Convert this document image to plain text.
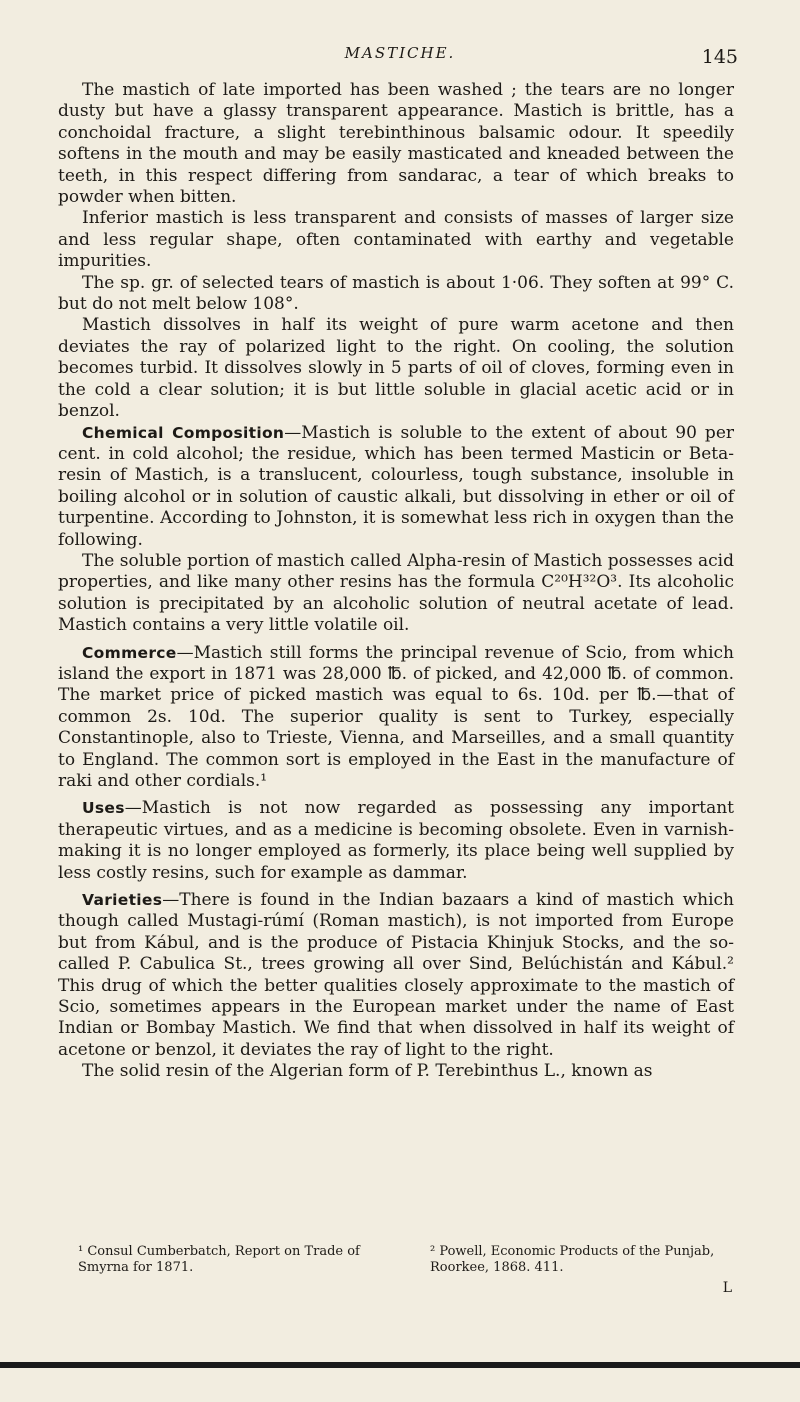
MASTICHE.	145

The mastich of late imported has been washed ; the tears are no longer dusty but have a glassy transparent appearance. Mastich is brittle, has a conchoidal fracture, a slight terebinthinous balsamic odour. It speedily softens in the mouth and may be easily masticated and kneaded between the teeth, in this respect differing from sandarac, a tear of which breaks to powder when bitten.

Inferior mastich is less transparent and consists of masses of larger size and less regular shape, often contaminated with earthy and vegetable impurities.

The sp. gr. of selected tears of mastich is about 1·06. They soften at 99° C. but do not melt below 108°.

Mastich dissolves in half its weight of pure warm acetone and then deviates the ray of polarized light to the right. On cooling, the solution becomes turbid. It dissolves slowly in 5 parts of oil of cloves, forming even in the cold a clear solution; it is but little soluble in glacial acetic acid or in benzol.

Chemical Composition—Mastich is soluble to the extent of about 90 per cent. in cold alcohol; the residue, which has been termed Masticin or Beta-resin of Mastich, is a translucent, colourless, tough substance, insoluble in boiling alcohol or in solution of caustic alkali, but dissolving in ether or oil of turpentine. According to Johnston, it is somewhat less rich in oxygen than the following.

The soluble portion of mastich called Alpha-resin of Mastich possesses acid properties, and like many other resins has the formula C²⁰H³²O³. Its alcoholic solution is precipitated by an alcoholic solution of neutral acetate of lead. Mastich contains a very little volatile oil.

Commerce—Mastich still forms the principal revenue of Scio, from which island the export in 1871 was 28,000 ℔. of picked, and 42,000 ℔. of common. The market price of picked mastich was equal to 6s. 10d. per ℔.—that of common 2s. 10d. The superior quality is sent to Turkey, especially Constantinople, also to Trieste, Vienna, and Marseilles, and a small quantity to England. The common sort is employed in the East in the manufacture of raki and other cordials.¹

Uses—Mastich is not now regarded as possessing any important therapeutic virtues, and as a medicine is becoming obsolete. Even in varnish-making it is no longer employed as formerly, its place being well supplied by less costly resins, such for example as dammar.

Varieties—There is found in the Indian bazaars a kind of mastich which though called Mustagi-rúmí (Roman mastich), is not imported from Europe but from Kábul, and is the produce of Pistacia Khinjuk Stocks, and the so-called P. Cabulica St., trees growing all over Sind, Belúchistán and Kábul.² This drug of which the better qualities closely approximate to the mastich of Scio, sometimes appears in the European market under the name of East Indian or Bombay Mastich. We find that when dissolved in half its weight of acetone or benzol, it deviates the ray of light to the right.

The solid resin of the Algerian form of P. Terebinthus L., known as

¹ Consul Cumberbatch, Report on Trade of Smyrna for 1871.
² Powell, Economic Products of the Punjab, Roorkee, 1868. 411.
L
